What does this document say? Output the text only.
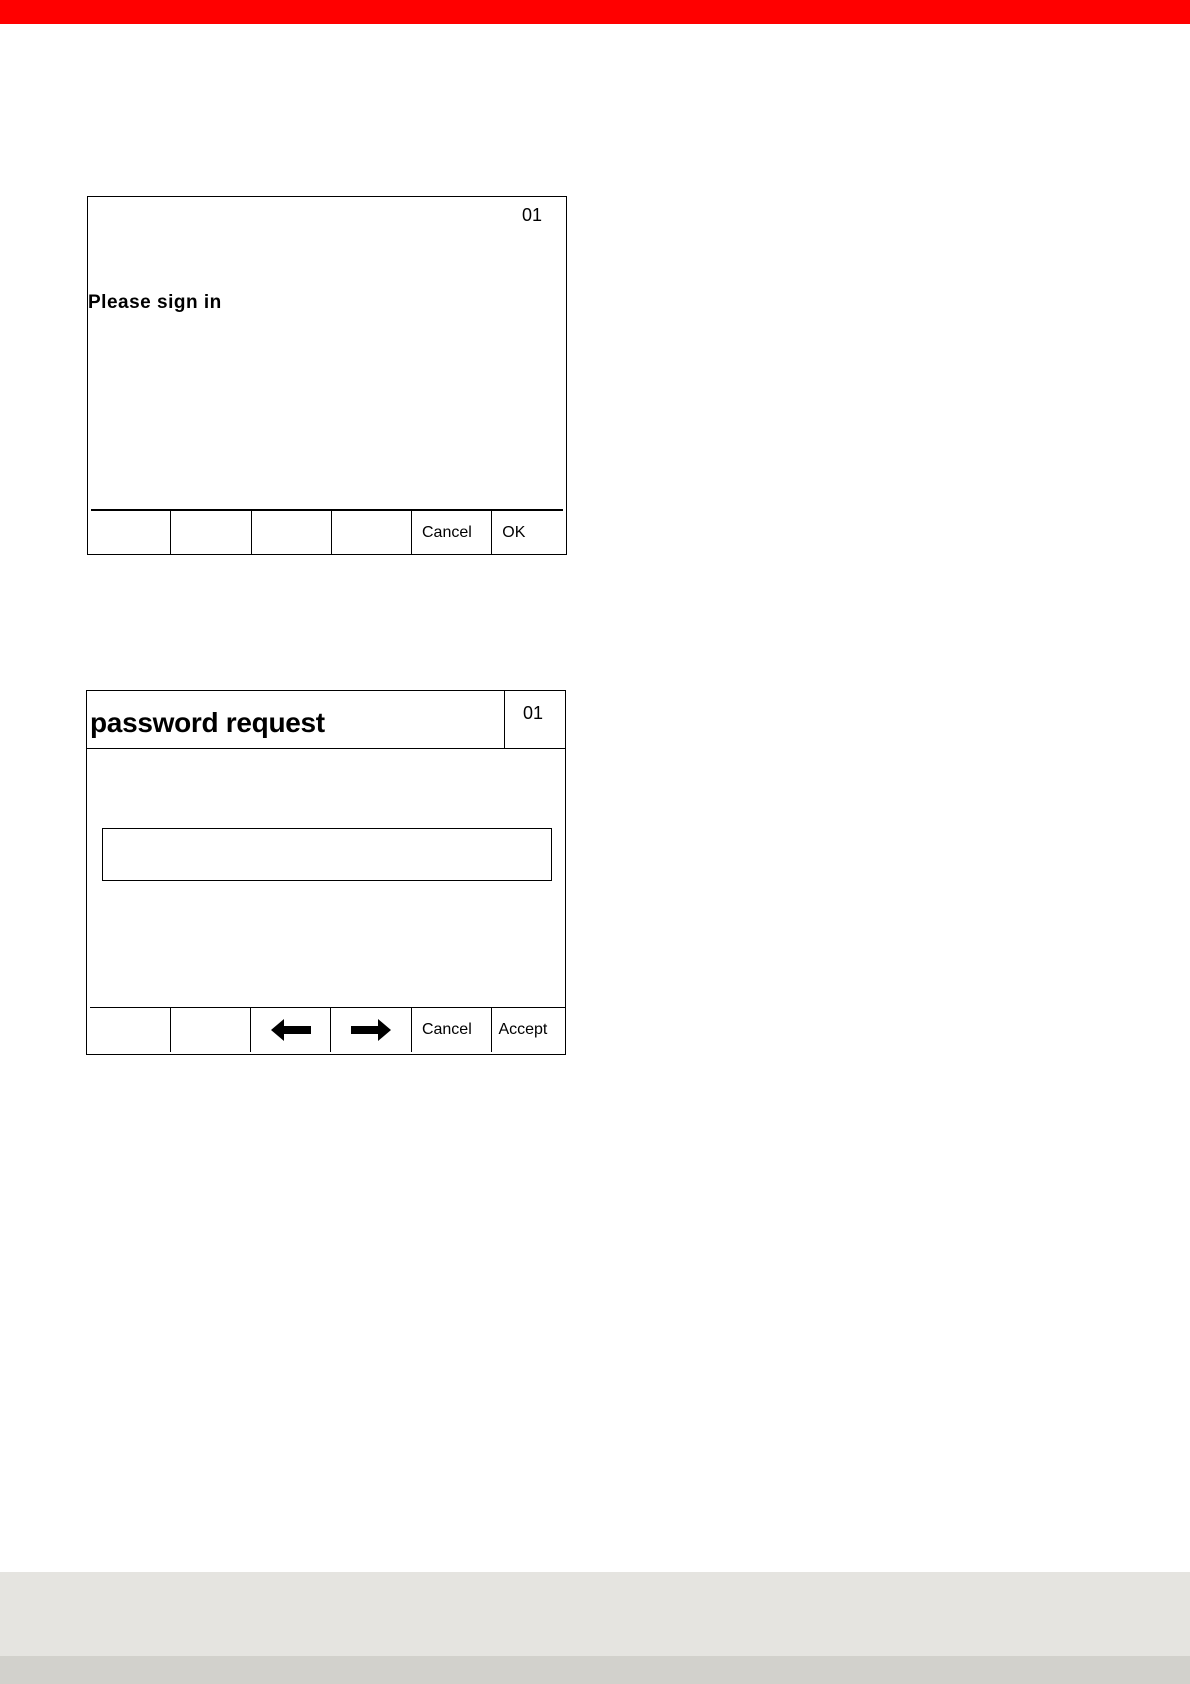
01
Please sign in
Cancel	OK
password request	01
Cancel	Accept
